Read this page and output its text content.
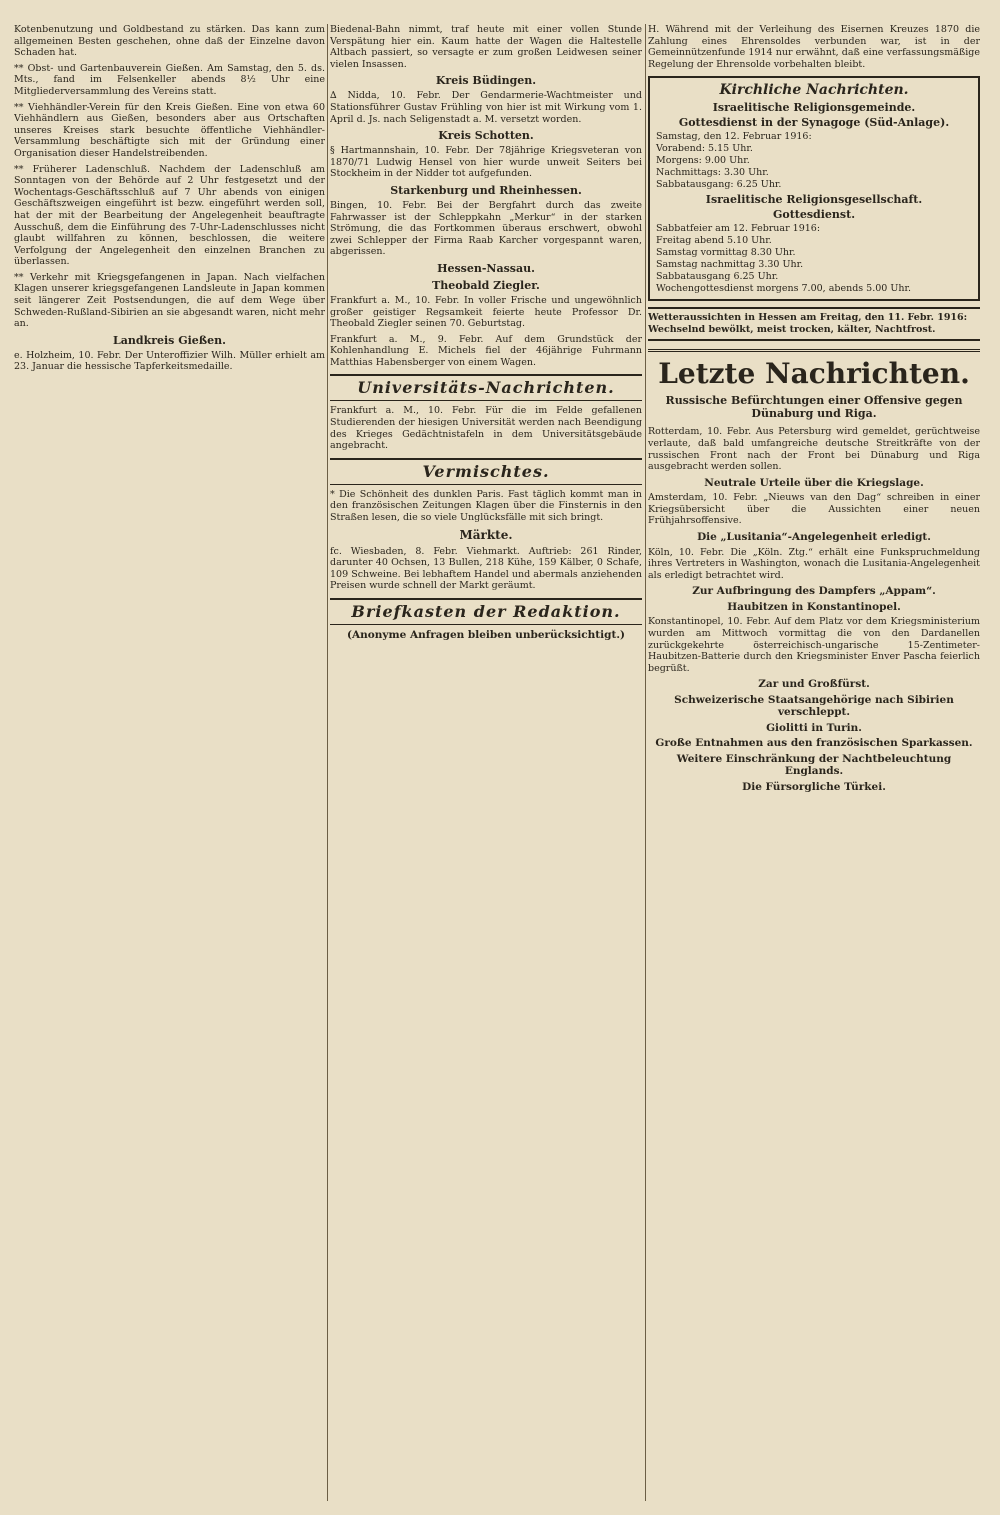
Kotenbenutzung und Goldbestand zu stärken. Das kann zum allgemeinen Besten geschehen, ohne daß der Einzelne davon Schaden hat.

** Obst- und Gartenbauverein Gießen. Am Samstag, den 5. ds. Mts., fand im Felsenkeller abends 8½ Uhr eine Mitgliederversammlung des Vereins statt.

** Viehhändler-Verein für den Kreis Gießen. Eine von etwa 60 Viehhändlern aus Gießen, besonders aber aus Ortschaften unseres Kreises stark besuchte öffentliche Viehhändler-Versammlung beschäftigte sich mit der Gründung einer Organisation dieser Handelstreibenden.

** Früherer Ladenschluß. Nachdem der Ladenschluß am Sonntagen von der Behörde auf 2 Uhr festgesetzt und der Wochentags-Geschäftsschluß auf 7 Uhr abends von einigen Geschäftszweigen eingeführt ist bezw. eingeführt werden soll, hat der mit der Bearbeitung der Angelegenheit beauftragte Ausschuß, dem die Einführung des 7-Uhr-Ladenschlusses nicht glaubt willfahren zu können, beschlossen, die weitere Verfolgung der Angelegenheit den einzelnen Branchen zu überlassen.

** Verkehr mit Kriegsgefangenen in Japan. Nach vielfachen Klagen unserer kriegsgefangenen Landsleute in Japan kommen seit längerer Zeit Postsendungen, die auf dem Wege über Schweden-Rußland-Sibirien an sie abgesandt waren, nicht mehr an.

Landkreis Gießen.

e. Holzheim, 10. Febr. Der Unteroffizier Wilh. Müller erhielt am 23. Januar die hessische Tapferkeitsmedaille.

Biedenal-Bahn nimmt, traf heute mit einer vollen Stunde Verspätung hier ein. Kaum hatte der Wagen die Haltestelle Altbach passiert, so versagte er zum großen Leidwesen seiner vielen Insassen.

Kreis Büdingen.

∆ Nidda, 10. Febr. Der Gendarmerie-Wachtmeister und Stationsführer Gustav Frühling von hier ist mit Wirkung vom 1. April d. Js. nach Seligenstadt a. M. versetzt worden.

Kreis Schotten.

§ Hartmannshain, 10. Febr. Der 78jährige Kriegsveteran von 1870/71 Ludwig Hensel von hier wurde unweit Seiters bei Stockheim in der Nidder tot aufgefunden.

Starkenburg und Rheinhessen.

Bingen, 10. Febr. Bei der Bergfahrt durch das zweite Fahrwasser ist der Schleppkahn „Merkur“ in der starken Strömung, die das Fortkommen überaus erschwert, obwohl zwei Schlepper der Firma Raab Karcher vorgespannt waren, abgerissen.

Hessen-Nassau.
Theobald Ziegler.

Frankfurt a. M., 10. Febr. In voller Frische und ungewöhnlich großer geistiger Regsamkeit feierte heute Professor Dr. Theobald Ziegler seinen 70. Geburtstag.

Frankfurt a. M., 9. Febr. Auf dem Grundstück der Kohlenhandlung E. Michels fiel der 46jährige Fuhrmann Matthias Habensberger von einem Wagen.

Universitäts-Nachrichten.

Frankfurt a. M., 10. Febr. Für die im Felde gefallenen Studierenden der hiesigen Universität werden nach Beendigung des Krieges Gedächtnistafeln in dem Universitätsgebäude angebracht.

Vermischtes.

* Die Schönheit des dunklen Paris. Fast täglich kommt man in den französischen Zeitungen Klagen über die Finsternis in den Straßen lesen, die so viele Unglücksfälle mit sich bringt.

Märkte.

fc. Wiesbaden, 8. Febr. Viehmarkt. Auftrieb: 261 Rinder, darunter 40 Ochsen, 13 Bullen, 218 Kühe, 159 Kälber, 0 Schafe, 109 Schweine. Bei lebhaftem Handel und abermals anziehenden Preisen wurde schnell der Markt geräumt.

Briefkasten der Redaktion.
(Anonyme Anfragen bleiben unberücksichtigt.)

H. Während mit der Verleihung des Eisernen Kreuzes 1870 die Zahlung eines Ehrensoldes verbunden war, ist in der Gemeinnützenfunde 1914 nur erwähnt, daß eine verfassungsmäßige Regelung der Ehrensolde vorbehalten bleibt.

Kirchliche Nachrichten.
Israelitische Religionsgemeinde.
Gottesdienst in der Synagoge (Süd-Anlage).

Samstag, den 12. Februar 1916:

Vorabend: 5.15 Uhr.

Morgens: 9.00 Uhr.

Nachmittags: 3.30 Uhr.

Sabbatausgang: 6.25 Uhr.

Israelitische Religionsgesellschaft.
Gottesdienst.

Sabbatfeier am 12. Februar 1916:

Freitag abend 5.10 Uhr.

Samstag vormittag 8.30 Uhr.

Samstag nachmittag 3.30 Uhr.

Sabbatausgang 6.25 Uhr.

Wochengottesdienst morgens 7.00, abends 5.00 Uhr.

Wetteraussichten in Hessen am Freitag, den 11. Febr. 1916: Wechselnd bewölkt, meist trocken, kälter, Nachtfrost.
Letzte Nachrichten.
Russische Befürchtungen einer Offensive gegen Dünaburg und Riga.

Rotterdam, 10. Febr. Aus Petersburg wird gemeldet, gerüchtweise verlaute, daß bald umfangreiche deutsche Streitkräfte von der russischen Front nach der Front bei Dünaburg und Riga ausgebracht werden sollen.

Neutrale Urteile über die Kriegslage.

Amsterdam, 10. Febr. „Nieuws van den Dag“ schreiben in einer Kriegsübersicht über die Aussichten einer neuen Frühjahrsoffensive.

Die „Lusitania“-Angelegenheit erledigt.

Köln, 10. Febr. Die „Köln. Ztg.“ erhält eine Funkspruchmeldung ihres Vertreters in Washington, wonach die Lusitania-Angelegenheit als erledigt betrachtet wird.

Zur Aufbringung des Dampfers „Appam“.
Haubitzen in Konstantinopel.

Konstantinopel, 10. Febr. Auf dem Platz vor dem Kriegsministerium wurden am Mittwoch vormittag die von den Dardanellen zurückgekehrte österreichisch-ungarische 15-Zentimeter-Haubitzen-Batterie durch den Kriegsminister Enver Pascha feierlich begrüßt.

Zar und Großfürst.
Schweizerische Staatsangehörige nach Sibirien verschleppt.
Giolitti in Turin.
Große Entnahmen aus den französischen Sparkassen.
Weitere Einschränkung der Nachtbeleuchtung Englands.
Die Fürsorgliche Türkei.
